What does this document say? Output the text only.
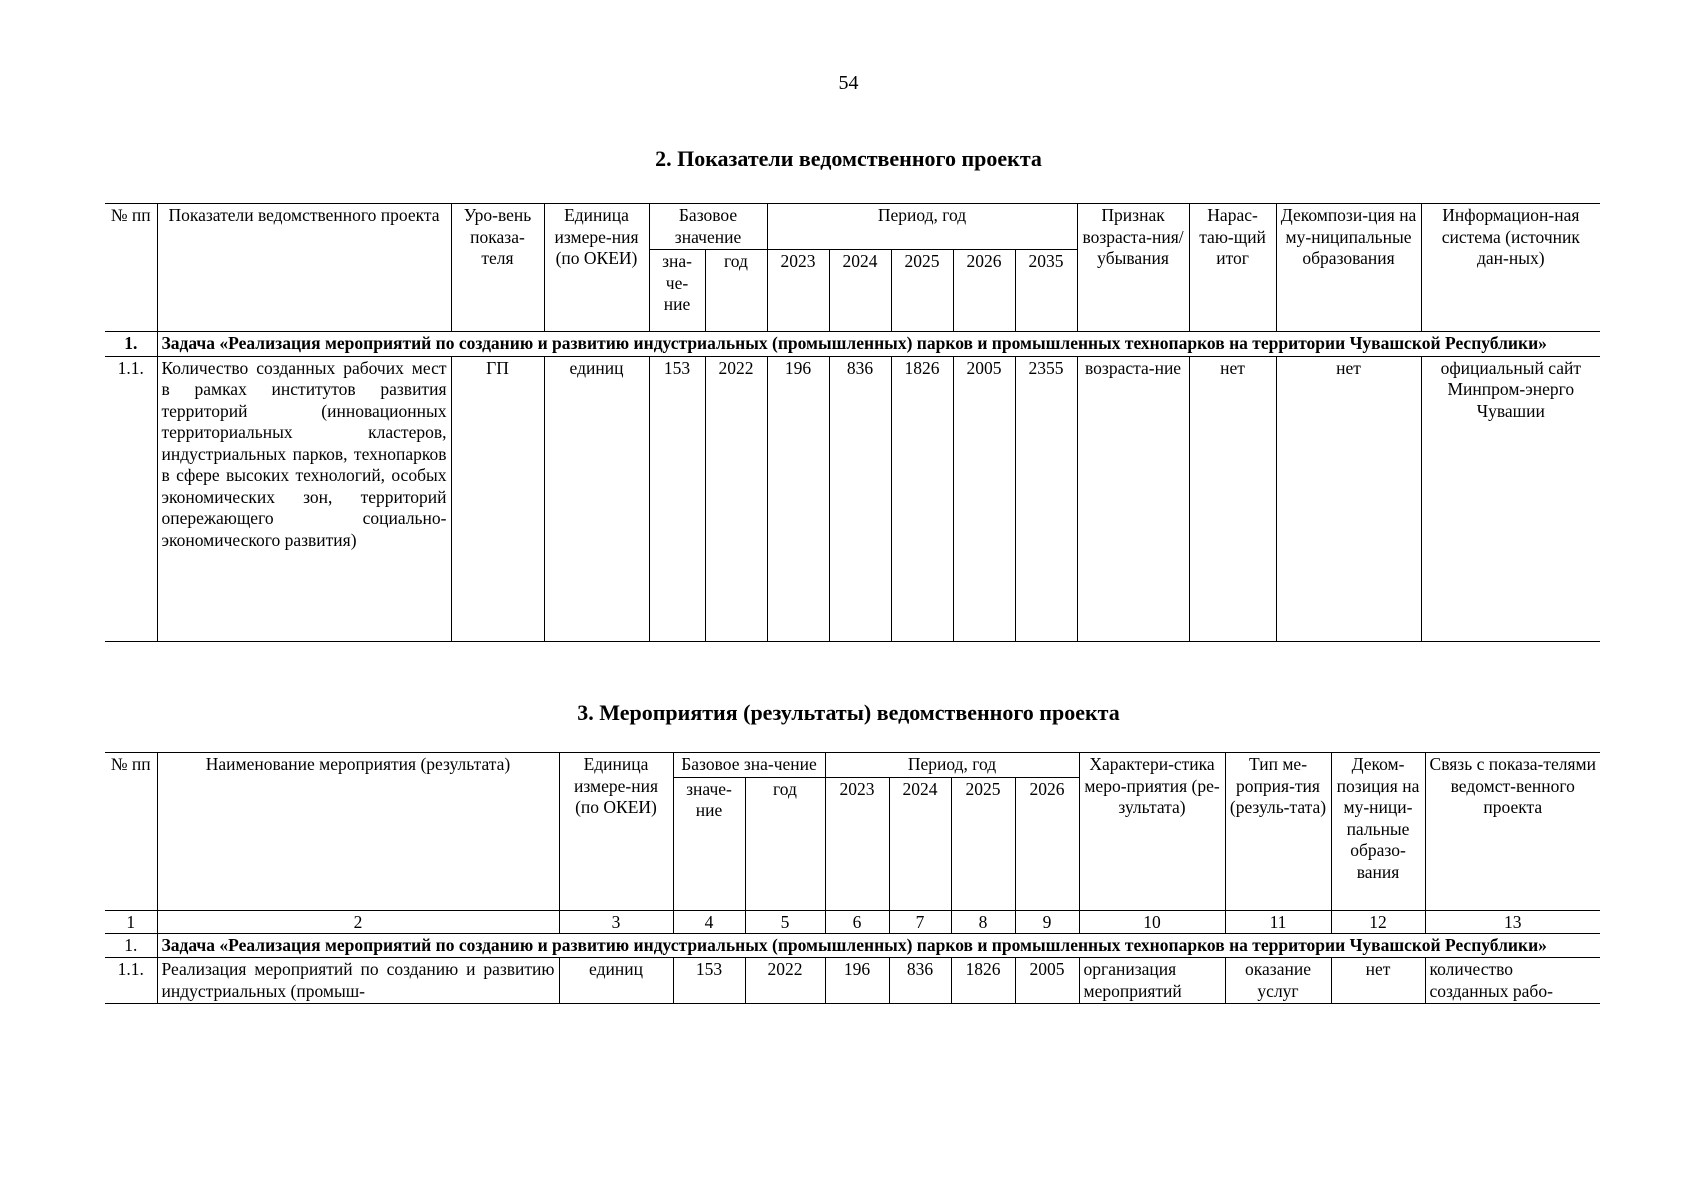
54
2. Показатели ведомственного проекта
№ пп	Показатели ведомственного проекта	Уро-вень показа-теля	Единица измере-ния (по ОКЕИ)	Базовое значение		Период, год					Признак возраста-ния/ убывания	Нарас-таю-щий итог	Декомпози-ция на му-ниципальные образования	Информацион-ная система (источник дан-ных)
				зна-че-ние	год	2023	2024	2025	2026	2035				
1.	Задача «Реализация мероприятий по созданию и развитию индустриальных (промышленных) парков и промышленных технопарков на территории Чувашской Республики»													
1.1.	Количество созданных рабочих мест в рамках институтов развития территорий (инновационных территориальных кластеров, индустриальных парков, технопарков в сфере высоких технологий, особых экономических зон, территорий опережающего социально-экономического развития)	ГП	единиц	153	2022	196	836	1826	2005	2355	возраста-ние	нет	нет	официальный сайт Минпром-энерго Чувашии
3. Мероприятия (результаты) ведомственного проекта
№ пп	Наименование мероприятия (результата)	Единица измере-ния (по ОКЕИ)	Базовое зна-чение		Период, год				Характери-стика меро-приятия (ре-зультата)	Тип ме-роприя-тия (резуль-тата)	Деком-позиция на му-ници-пальные образо-вания	Связь с показа-телями ведомст-венного проекта
			значе-ние	год	2023	2024	2025	2026				
1	2	3	4	5	6	7	8	9	10	11	12	13
1.	Задача «Реализация мероприятий по созданию и развитию индустриальных (промышленных) парков и промышленных технопарков на территории Чувашской Республики»											
1.1.	Реализация мероприятий по созданию и развитию индустриальных (промыш-	единиц	153	2022	196	836	1826	2005	организация мероприятий	оказание услуг	нет	количество созданных рабо-
